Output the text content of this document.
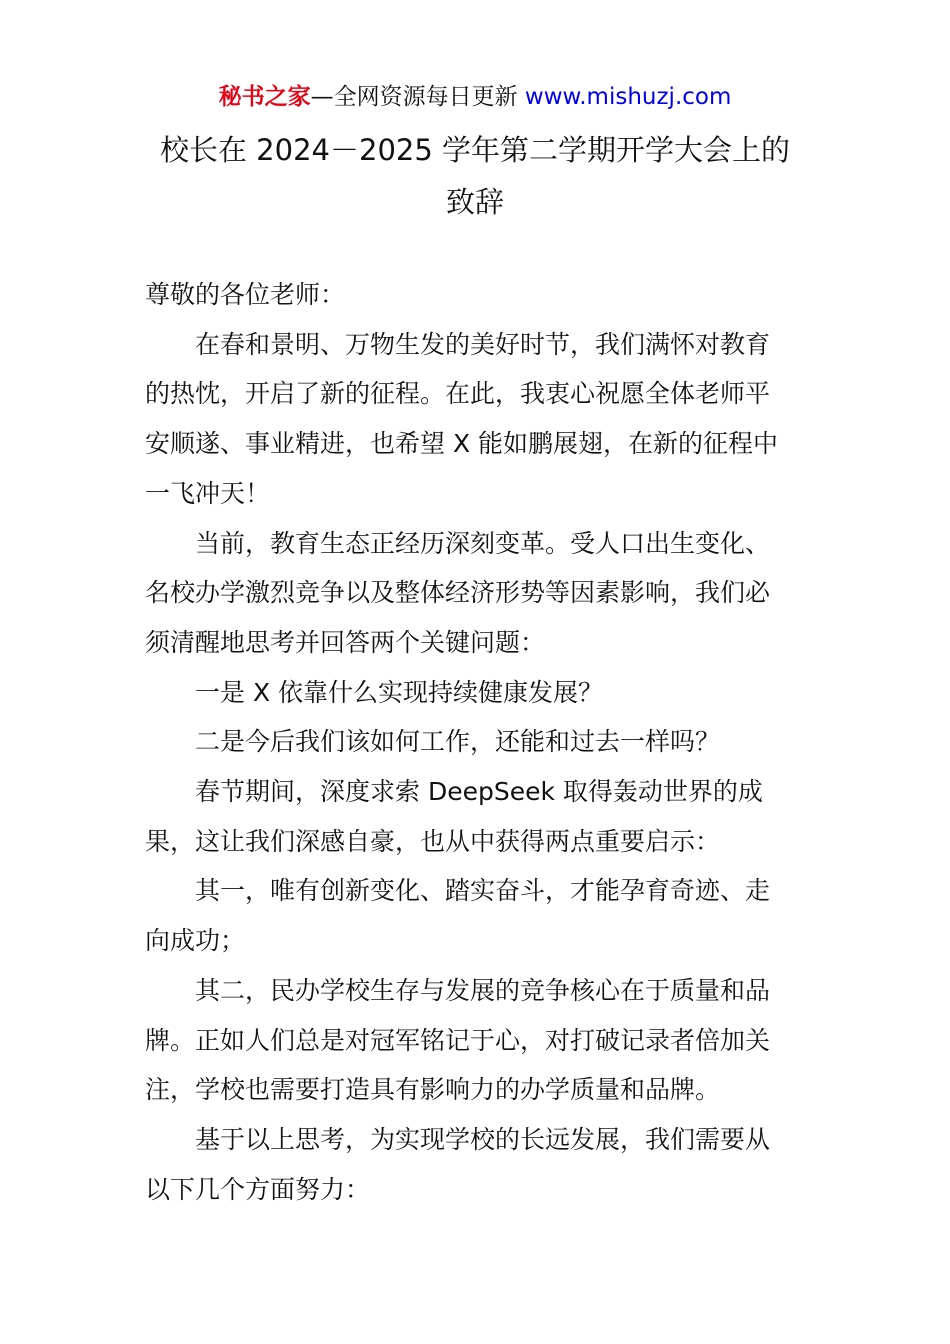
秘书之家—全网资源每日更新 www.mishuzj.com
校长在 2024－2025 学年第二学期开学大会上的
致辞
尊敬的各位老师：
在春和景明、万物生发的美好时节，我们满怀对教育
的热忱，开启了新的征程。在此，我衷心祝愿全体老师平
安顺遂、事业精进，也希望 X 能如鹏展翅，在新的征程中
一飞冲天！
当前，教育生态正经历深刻变革。受人口出生变化、
名校办学激烈竞争以及整体经济形势等因素影响，我们必
须清醒地思考并回答两个关键问题：
一是 X 依靠什么实现持续健康发展？
二是今后我们该如何工作，还能和过去一样吗？
春节期间，深度求索 DeepSeek 取得轰动世界的成
果，这让我们深感自豪，也从中获得两点重要启示：
其一，唯有创新变化、踏实奋斗，才能孕育奇迹、走
向成功；
其二，民办学校生存与发展的竞争核心在于质量和品
牌。正如人们总是对冠军铭记于心，对打破记录者倍加关
注，学校也需要打造具有影响力的办学质量和品牌。
基于以上思考，为实现学校的长远发展，我们需要从
以下几个方面努力：
